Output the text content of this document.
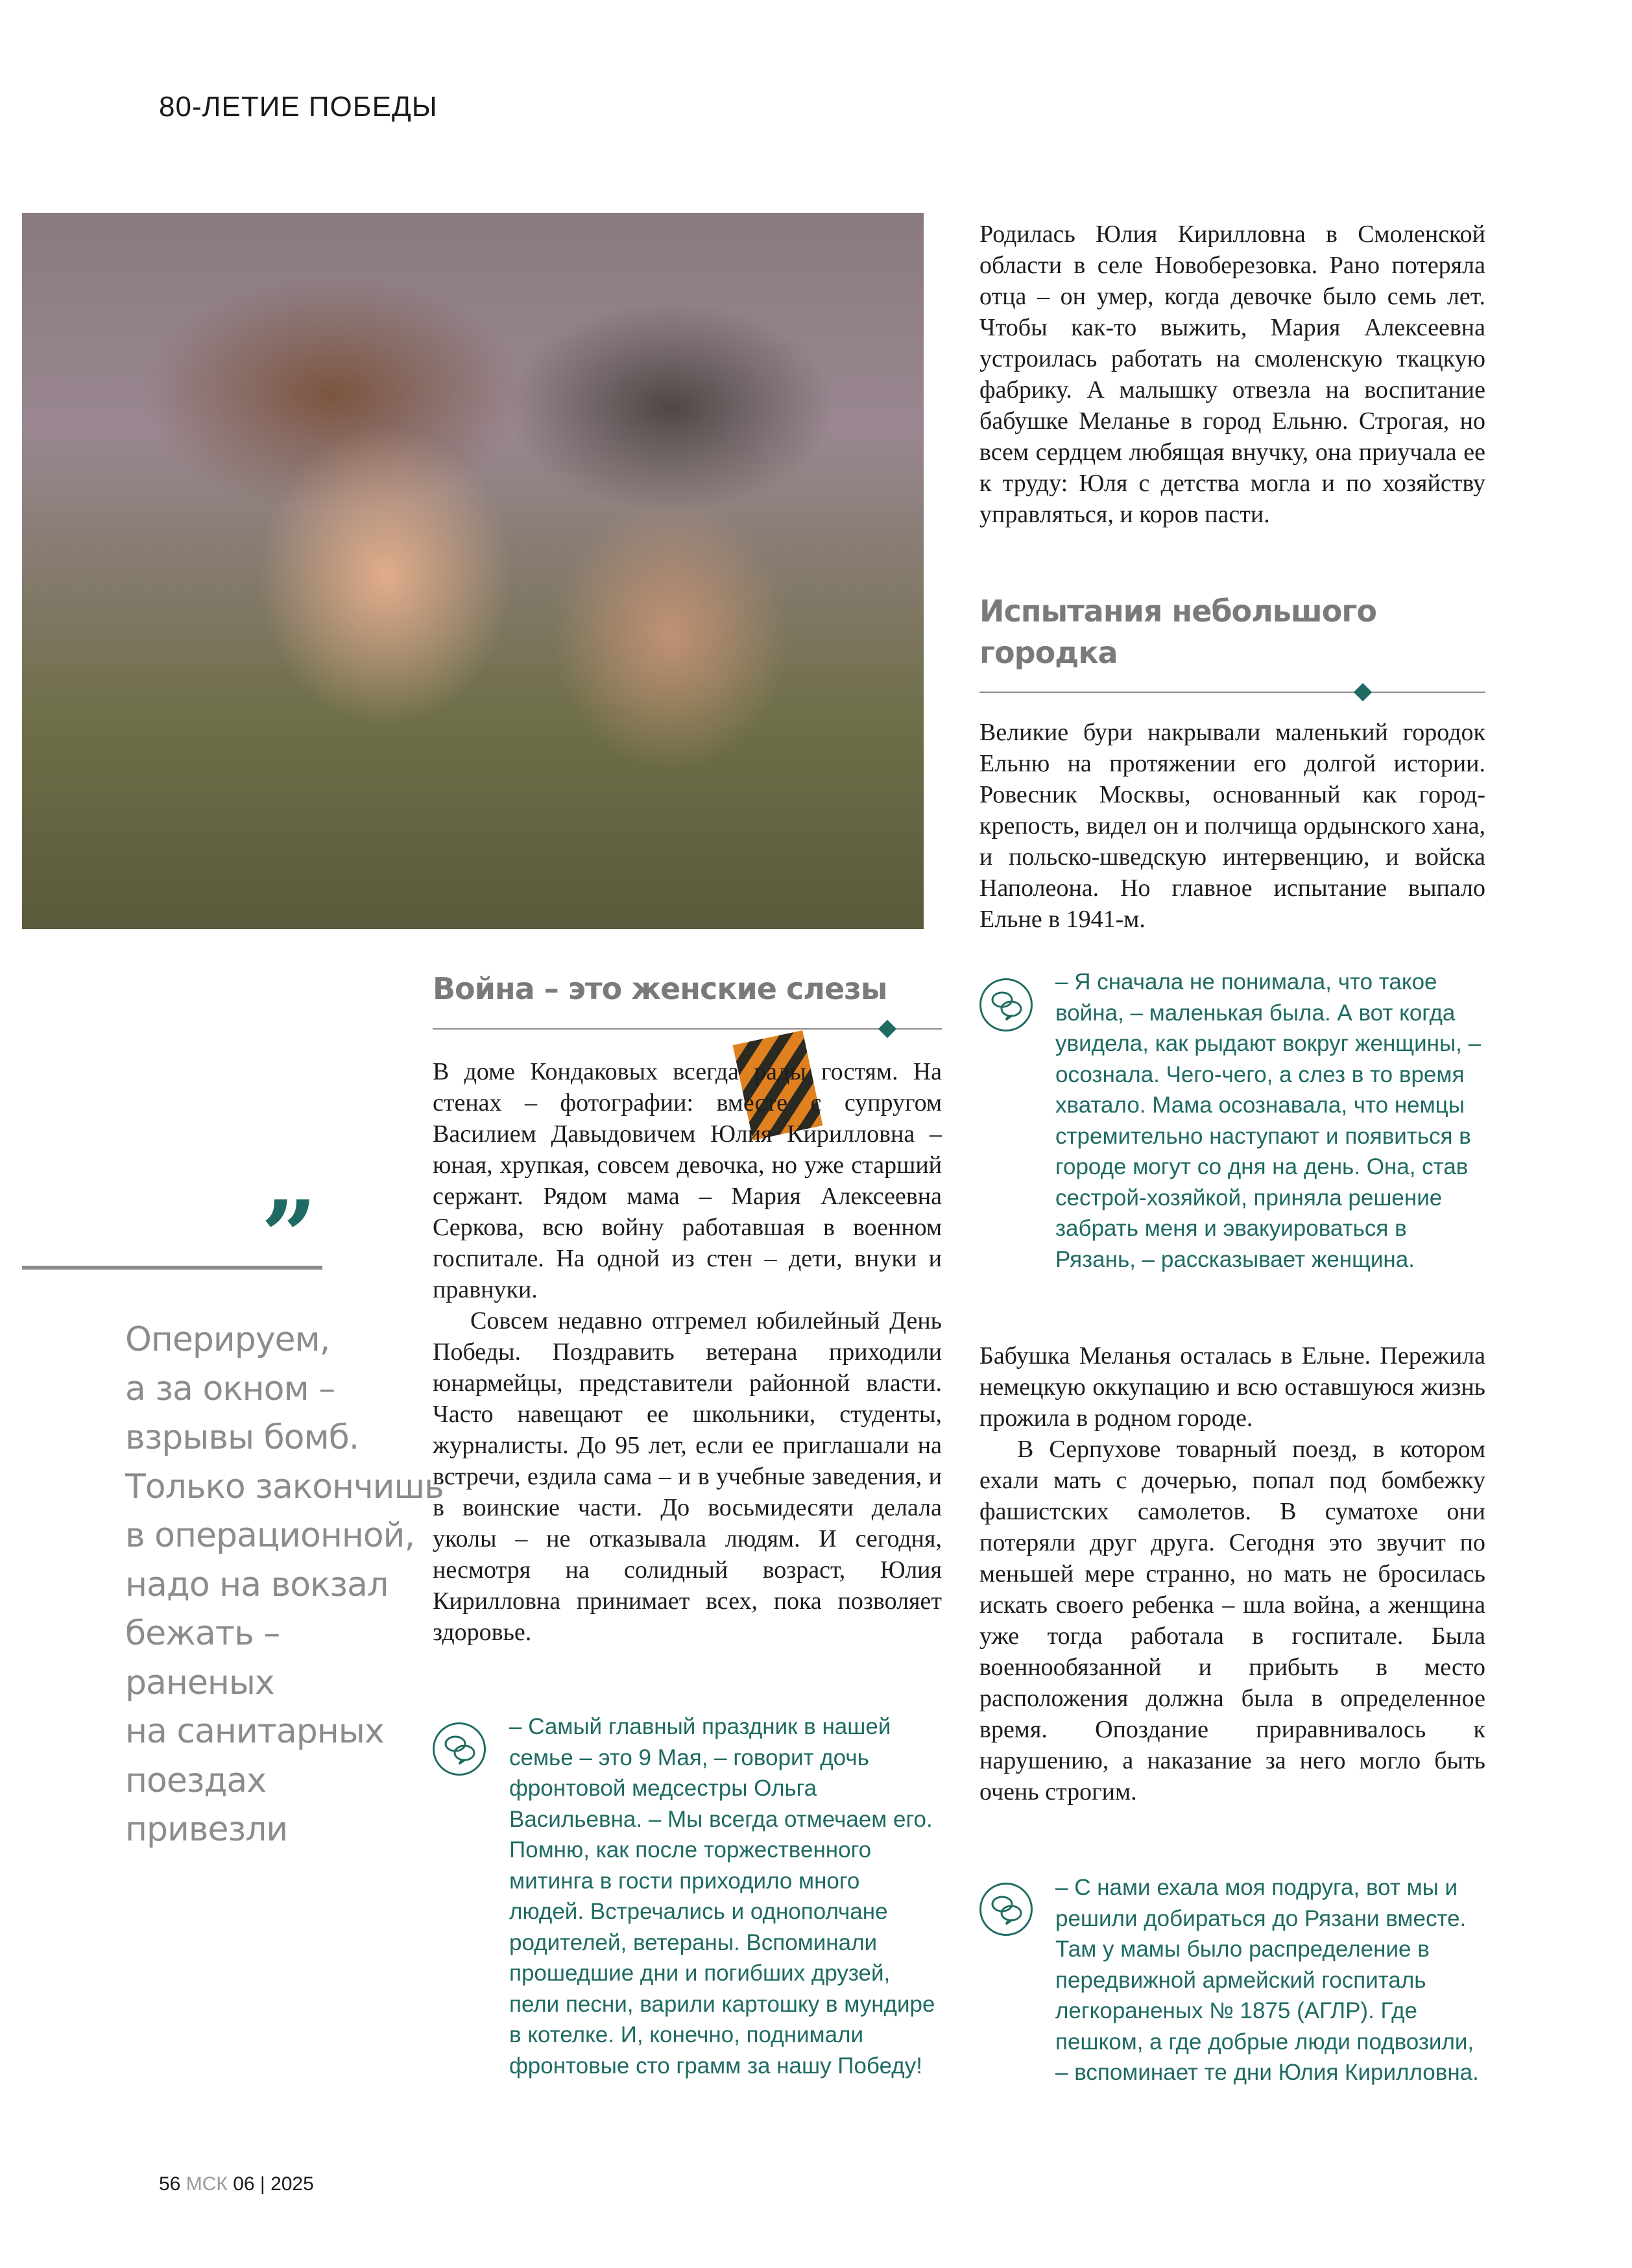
80-ЛЕТИЕ ПОБЕДЫ

Родилась Юлия Кирилловна в Смоленской области в селе Новоберезовка. Рано потеряла отца – он умер, когда девочке было семь лет. Чтобы как-то выжить, Мария Алексеевна устроилась работать на смоленскую ткацкую фабрику. А малышку отвезла на воспитание бабушке Меланье в город Ельню. Строгая, но всем сердцем любящая внучку, она приучала ее к труду: Юля с детства могла и по хозяйству управляться, и коров пасти.

Испытания небольшого
городка

Великие бури накрывали маленький городок Ельню на протяжении его долгой истории. Ровесник Москвы, основанный как город-крепость, видел он и полчища ордынского хана, и польско-шведскую интервенцию, и войска Наполеона. Но главное испытание выпало Ельне в 1941-м.

– Я сначала не понимала, что такое война, – маленькая была. А вот когда увидела, как рыдают вокруг женщины, – осознала. Чего-чего, а слез в то время хватало. Мама осознавала, что немцы стремительно наступают и появиться в городе могут со дня на день. Она, став сестрой-хозяйкой, приняла решение забрать меня и эвакуироваться в Рязань, – рассказывает женщина.
Война – это женские слезы

В доме Кондаковых всегда рады гостям. На стенах – фотографии: вместе с супругом Василием Давыдовичем Юлия Кирилловна – юная, хрупкая, совсем девочка, но уже старший сержант. Рядом мама – Мария Алексеевна Серкова, всю войну работавшая в военном госпитале. На одной из стен – дети, внуки и правнуки.

Совсем недавно отгремел юбилейный День Победы. Поздравить ветерана приходили юнармейцы, представители районной власти. Часто навещают ее школьники, студенты, журналисты. До 95 лет, если ее приглашали на встречи, ездила сама – и в учебные заведения, и в воинские части. До восьмидесяти делала уколы – не отказывала людям. И сегодня, несмотря на солидный возраст, Юлия Кирилловна принимает всех, пока позволяет здоровье.

– Самый главный праздник в нашей семье – это 9 Мая, – говорит дочь фронтовой медсестры Ольга Васильевна. – Мы всегда отмечаем его. Помню, как после торжественного митинга в гости приходило много людей. Встречались и однополчане родителей, ветераны. Вспоминали прошедшие дни и погибших друзей, пели песни, варили картошку в мундире в котелке. И, конечно, поднимали фронтовые сто грамм за нашу Победу!
„
Оперируем,
а за окном –
взрывы бомб.
Только закончишь
в операционной,
надо на вокзал
бежать –
раненых
на санитарных
поездах
привезли

Бабушка Меланья осталась в Ельне. Пережила немецкую оккупацию и всю оставшуюся жизнь прожила в родном городе.

В Серпухове товарный поезд, в котором ехали мать с дочерью, попал под бомбежку фашистских самолетов. В суматохе они потеряли друг друга. Сегодня это звучит по меньшей мере странно, но мать не бросилась искать своего ребенка – шла война, а женщина уже тогда работала в госпитале. Была военнообязанной и прибыть в место расположения должна была в определенное время. Опоздание приравнивалось к нарушению, а наказание за него могло быть очень строгим.

– С нами ехала моя подруга, вот мы и решили добираться до Рязани вместе. Там у мамы было распределение в передвижной армейский госпиталь легкораненых № 1875 (АГЛР). Где пешком, а где добрые люди подвозили, – вспоминает те дни Юлия Кирилловна.
56 МСК 06 | 2025
